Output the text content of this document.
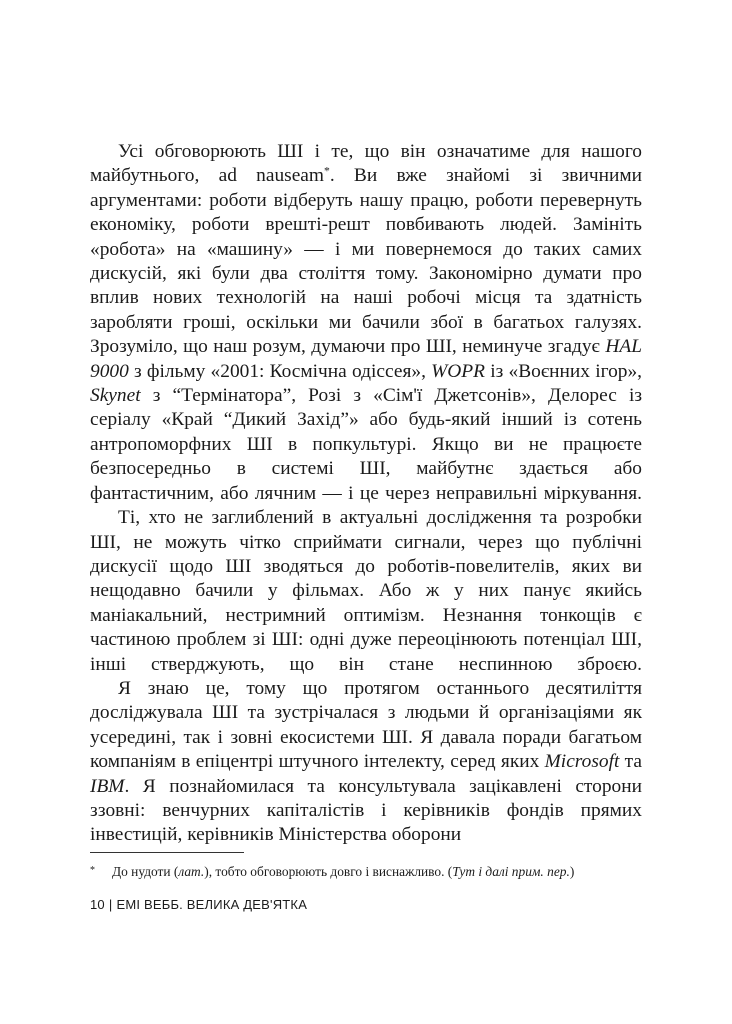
Усі обговорюють ШІ і те, що він означатиме для нашого майбутнього, ad nauseam*. Ви вже знайомі зі звичними аргументами: роботи відберуть нашу працю, роботи перевернуть економіку, роботи врешті-решт повбивають людей. Замініть «робота» на «машину» — і ми повернемося до таких самих дискусій, які були два століття тому. Закономірно думати про вплив нових технологій на наші робочі місця та здатність заробляти гроші, оскільки ми бачили збої в багатьох галузях. Зрозуміло, що наш розум, думаючи про ШІ, неминуче згадує HAL 9000 з фільму «2001: Космічна одіссея», WOPR із «Воєнних ігор», Skynet з “Термінатора”, Розі з «Сім'ї Джетсонів», Делорес із серіалу «Край “Дикий Захід”» або будь-який інший із сотень антропоморфних ШІ в попкультурі. Якщо ви не працюєте безпосередньо в системі ШІ, майбутнє здається або фантастичним, або лячним — і це через неправильні міркування.

Ті, хто не заглиблений в актуальні дослідження та розробки ШІ, не можуть чітко сприймати сигнали, через що публічні дискусії щодо ШІ зводяться до роботів-повелителів, яких ви нещодавно бачили у фільмах. Або ж у них панує якийсь маніакальний, нестримний оптимізм. Незнання тонкощів є частиною проблем зі ШІ: одні дуже переоцінюють потенціал ШІ, інші стверджують, що він стане неспинною зброєю.

Я знаю це, тому що протягом останнього десятиліття досліджувала ШІ та зустрічалася з людьми й організаціями як усередині, так і зовні екосистеми ШІ. Я давала поради багатьом компаніям в епіцентрі штучного інтелекту, серед яких Microsoft та IBM. Я познайомилася та консультувала зацікавлені сторони ззовні: венчурних капіталістів і керівників фондів прямих інвестицій, керівників Міністерства оборони

* До нудоти (лат.), тобто обговорюють довго і виснажливо. (Тут і далі прим. пер.)
10 | ЕМІ ВЕББ. ВЕЛИКА ДЕВ'ЯТКА
